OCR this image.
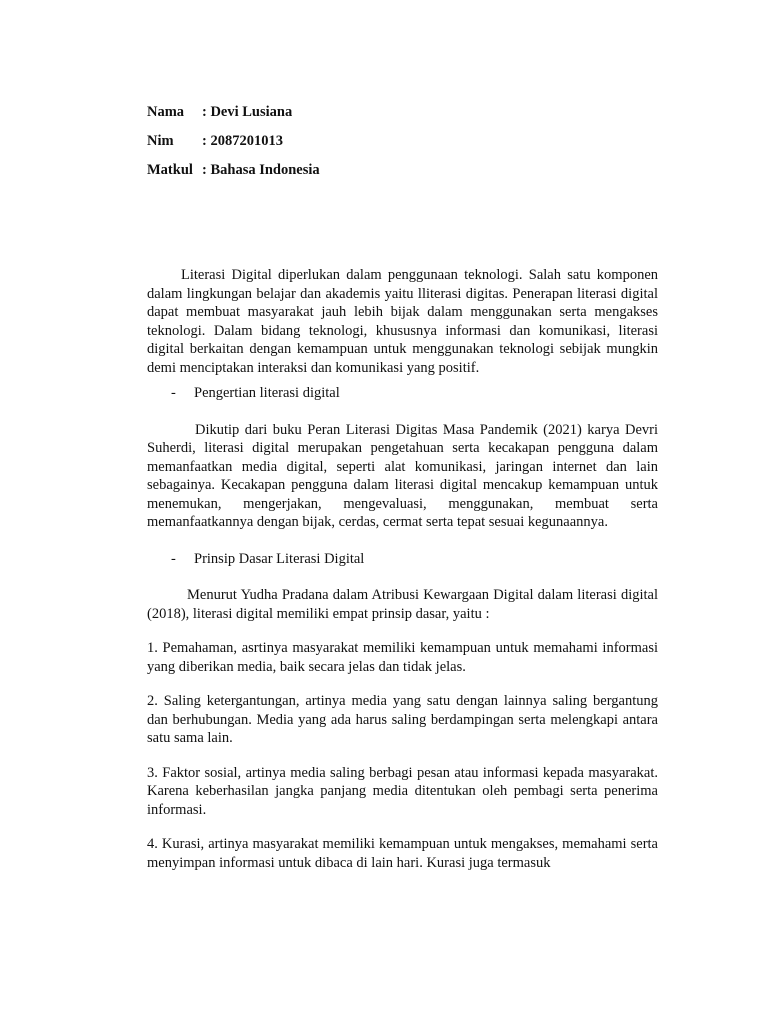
Nama	: Devi Lusiana
Nim	: 2087201013
Matkul : Bahasa Indonesia

Literasi Digital diperlukan dalam penggunaan teknologi. Salah satu komponen dalam lingkungan belajar dan akademis yaitu lliterasi digitas. Penerapan literasi digital dapat membuat masyarakat jauh lebih bijak dalam menggunakan serta mengakses teknologi. Dalam bidang teknologi, khususnya informasi dan komunikasi, literasi digital berkaitan dengan kemampuan untuk menggunakan teknologi sebijak mungkin demi menciptakan interaksi dan komunikasi yang positif.

-	Pengertian literasi digital

Dikutip dari buku Peran Literasi Digitas Masa Pandemik (2021) karya Devri Suherdi, literasi digital merupakan pengetahuan serta kecakapan pengguna dalam memanfaatkan media digital, seperti alat komunikasi, jaringan internet dan lain sebagainya. Kecakapan pengguna dalam literasi digital mencakup kemampuan untuk menemukan, mengerjakan, mengevaluasi, menggunakan, membuat serta memanfaatkannya dengan bijak, cerdas, cermat serta tepat sesuai kegunaannya.

-	Prinsip Dasar Literasi Digital

Menurut Yudha Pradana dalam Atribusi Kewargaan Digital dalam literasi digital (2018), literasi digital memiliki empat prinsip dasar, yaitu :

1. Pemahaman, asrtinya masyarakat memiliki kemampuan untuk memahami informasi yang diberikan media, baik secara jelas dan tidak jelas.

2. Saling ketergantungan, artinya media yang satu dengan lainnya saling bergantung dan berhubungan. Media yang ada harus saling berdampingan serta melengkapi antara satu sama lain.

3. Faktor sosial, artinya media saling berbagi pesan atau informasi kepada masyarakat. Karena keberhasilan jangka panjang media ditentukan oleh pembagi serta penerima informasi.

4. Kurasi, artinya masyarakat memiliki kemampuan untuk mengakses, memahami serta menyimpan informasi untuk dibaca di lain hari. Kurasi juga termasuk
